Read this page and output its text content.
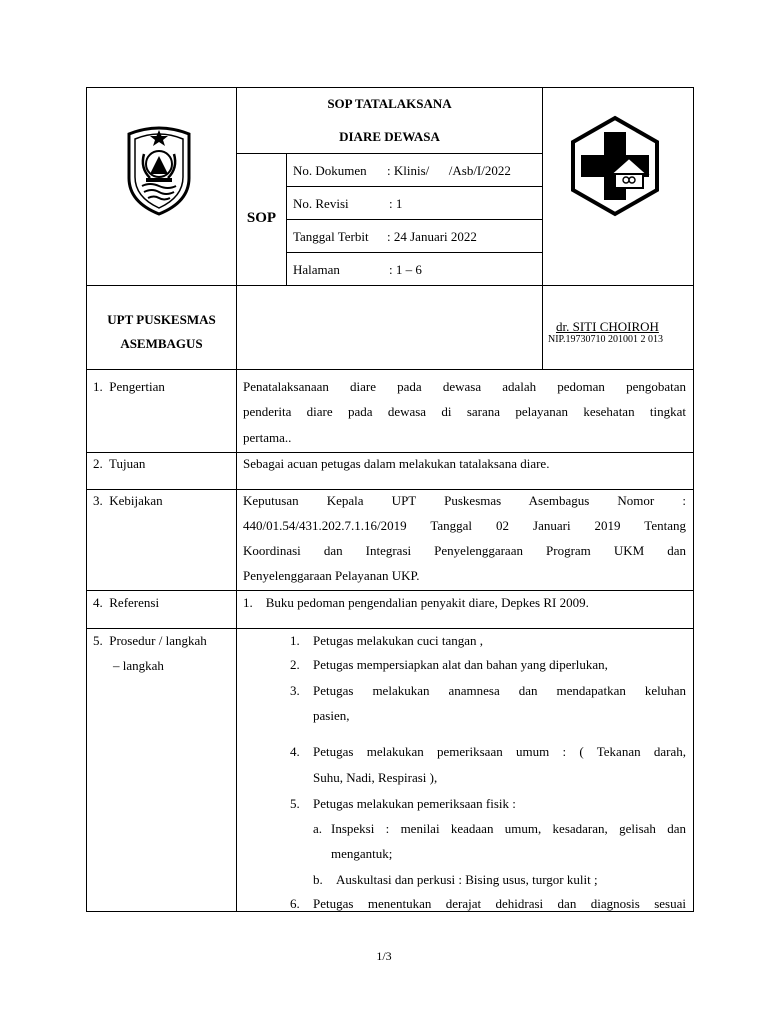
SOP TATALAKSANA
DIARE DEWASA
SOP
No. Dokumen : Klinis/      /Asb/I/2022
No. Revisi	: 1
Tanggal Terbit : 24 Januari 2022
Halaman	: 1 – 6
UPT PUSKESMAS
ASEMBAGUS
dr. SITI CHOIROH
NIP.19730710 201001 2 013
1.  Pengertian	Penatalaksanaan diare pada dewasa adalah pedoman pengobatan
penderita diare pada dewasa di sarana pelayanan kesehatan tingkat
pertama..
2.  Tujuan	Sebagai acuan petugas dalam melakukan tatalaksana diare.
3.  Kebijakan	Keputusan Kepala UPT Puskesmas Asembagus Nomor :
440/01.54/431.202.7.1.16/2019 Tanggal 02 Januari 2019 Tentang
Koordinasi dan Integrasi Penyelenggaraan Program UKM dan
Penyelenggaraan Pelayanan UKP.
4.  Referensi	1.    Buku pedoman pengendalian penyakit diare, Depkes RI 2009.
5.  Prosedur / langkah
– langkah
1. Petugas melakukan cuci tangan ,
2. Petugas mempersiapkan alat dan bahan yang diperlukan,
3. Petugas melakukan anamnesa dan mendapatkan keluhan
pasien,
4. Petugas melakukan pemeriksaan umum : ( Tekanan darah,
Suhu, Nadi, Respirasi ),
5. Petugas melakukan pemeriksaan fisik :
a. Inspeksi : menilai keadaan umum, kesadaran, gelisah dan
mengantuk;
b. Auskultasi dan perkusi : Bising usus, turgor kulit ;
6. Petugas menentukan derajat dehidrasi dan diagnosis sesuai
1/3
